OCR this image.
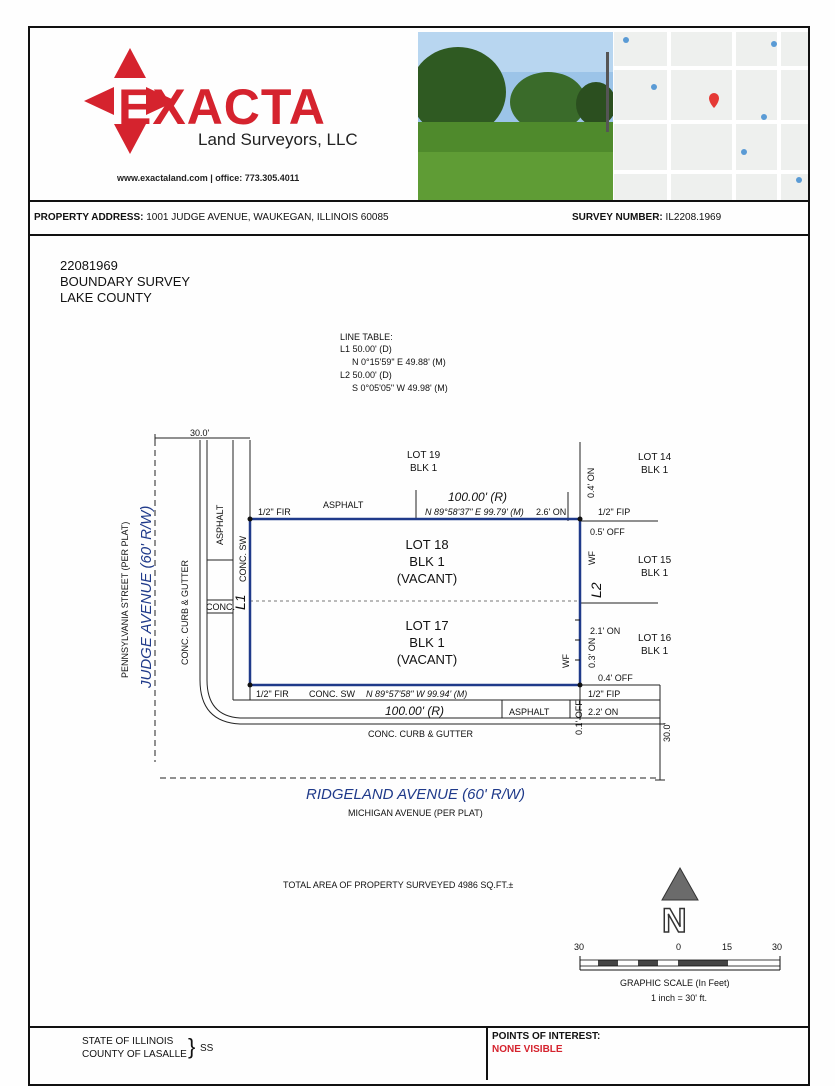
EXACTA
Land Surveyors, LLC
www.exactaland.com | office: 773.305.4011
PROPERTY ADDRESS: 1001 JUDGE AVENUE, WAUKEGAN, ILLINOIS 60085	SURVEY NUMBER: IL2208.1969
22081969
BOUNDARY SURVEY
LAKE COUNTY
LINE TABLE:
L1 50.00' (D)
N 0°15'59" E 49.88' (M)
L2 50.00' (D)
S 0°05'05" W 49.98' (M)
30.0'
LOT 19
BLK 1
LOT 14
BLK 1
LOT 15
BLK 1
LOT 16
BLK 1
LOT 18
BLK 1
(VACANT)
LOT 17
BLK 1
(VACANT)
100.00' (R)
N 89°58'37" E 99.79' (M)
1/2" FIR
ASPHALT
2.6' ON	1/2" FIP
0.5' OFF
0.4' ON
N 89°57'58" W 99.94' (M)
100.00' (R)
1/2" FIR CONC. SW
ASPHALT
1/2" FIP
2.2' ON
0.1' OFF
2.1' ON
0.4' OFF
0.3' ON
WF
WF
CONC. CURB & GUTTER
CONC. CURB & GUTTER
ASPHALT
CONC. SW
CONC.
L1
L2
30.0'
JUDGE AVENUE (60' R/W)
PENNSYLVANIA STREET (PER PLAT)
RIDGELAND AVENUE (60' R/W)
MICHIGAN AVENUE (PER PLAT)
TOTAL AREA OF PROPERTY SURVEYED 4986 SQ.FT.±
N
30	0	15	30
GRAPHIC SCALE (In Feet)
1 inch = 30' ft.
STATE OF ILLINOIS
COUNTY OF LASALLE } SS
POINTS OF INTEREST:
NONE VISIBLE
